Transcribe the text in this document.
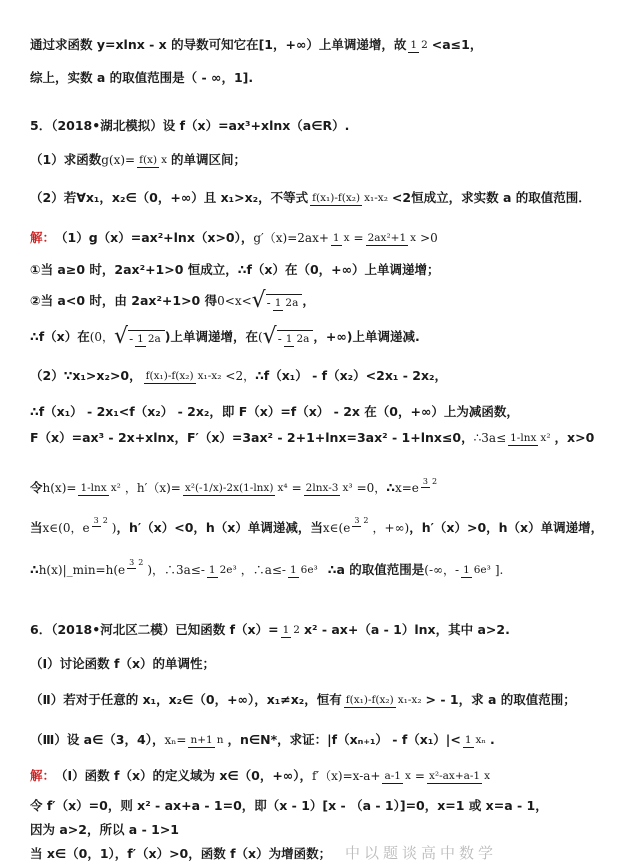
通过求函数 y=xlnx - x 的导数可知它在[1，+∞）上单调递增，故 1 2 <a≤1，
综上，实数 a 的取值范围是（ - ∞，1].
5．（2018•湖北模拟）设 f（x）=ax³+xlnx（a∈R）.
（1）求函数 g(x)= f(x) x 的单调区间；
（2）若∀x₁，x₂∈（0，+∞）且 x₁>x₂，不等式 f(x₁)-f(x₂) x₁-x₂ <2恒成立，求实数 a 的取值范围．
解： （1）g（x）=ax²+lnx（x>0）， g′（x)=2ax+ 1 x = 2ax²+1 x >0
①当 a≥0 时，2ax²+1>0 恒成立，∴f（x）在（0，+∞）上单调递增；
②当 a<0 时，由 2ax²+1>0 得 0<x< √- 1 2a ，
∴f（x）在 (0， √- 1 2a )上单调递增，在 ( √- 1 2a ，+∞)上单调递减.
（2）∵x₁>x₂>0， f(x₁)-f(x₂) x₁-x₂ <2， ∴f（x₁） - f（x₂）<2x₁ - 2x₂，
∴f（x₁） - 2x₁<f（x₂） - 2x₂，即 F（x）=f（x） - 2x 在（0，+∞）上为减函数，
F（x）=ax³ - 2x+xlnx，F′（x）=3ax² - 2+1+lnx=3ax² - 1+lnx≤0， ∴3a≤ 1-lnx x² ，x>0
令 h(x)= 1-lnx x² ，h′（x)= x²(-1/x)-2x(1-lnx) x⁴ = 2lnx-3 x³ =0， ∴ x=e 3 2
当 x∈(0，e
3 2
) ，h′（x）<0，h（x）单调递减，当 x∈(e
3 2
，+∞) ，h′（x）>0，h（x）单调递增，
∴ h(x)|_min=h(e
3 2
) ，∴3a≤- 1 2e³ ，∴a≤- 1 6e³ ∴a 的取值范围是 (-∞，- 1 6e³ ].
6．（2018•河北区二模）已知函数 f（x）= 1 2 x² - ax+（a - 1）lnx，其中 a>2.
（Ⅰ）讨论函数 f（x）的单调性；
（Ⅱ）若对于任意的 x₁，x₂∈（0，+∞），x₁≠x₂，恒有 f(x₁)-f(x₂) x₁-x₂ > - 1，求 a 的取值范围；
（Ⅲ）设 a∈（3，4）， xₙ= n+1 n ，n∈N*，求证：|f（xₙ₊₁） - f（x₁）|< 1 xₙ .
解： （Ⅰ）函数 f（x）的定义域为 x∈（0，+∞）， f′（x)=x-a+ a-1 x = x²-ax+a-1 x
令 f′（x）=0，则 x² - ax+a - 1=0，即（x - 1）[x - （a - 1）]=0，x=1 或 x=a - 1，
因为 a>2，所以 a - 1>1
当 x∈（0，1），f′（x）>0，函数 f（x）为增函数； 中以题谈高中数学
